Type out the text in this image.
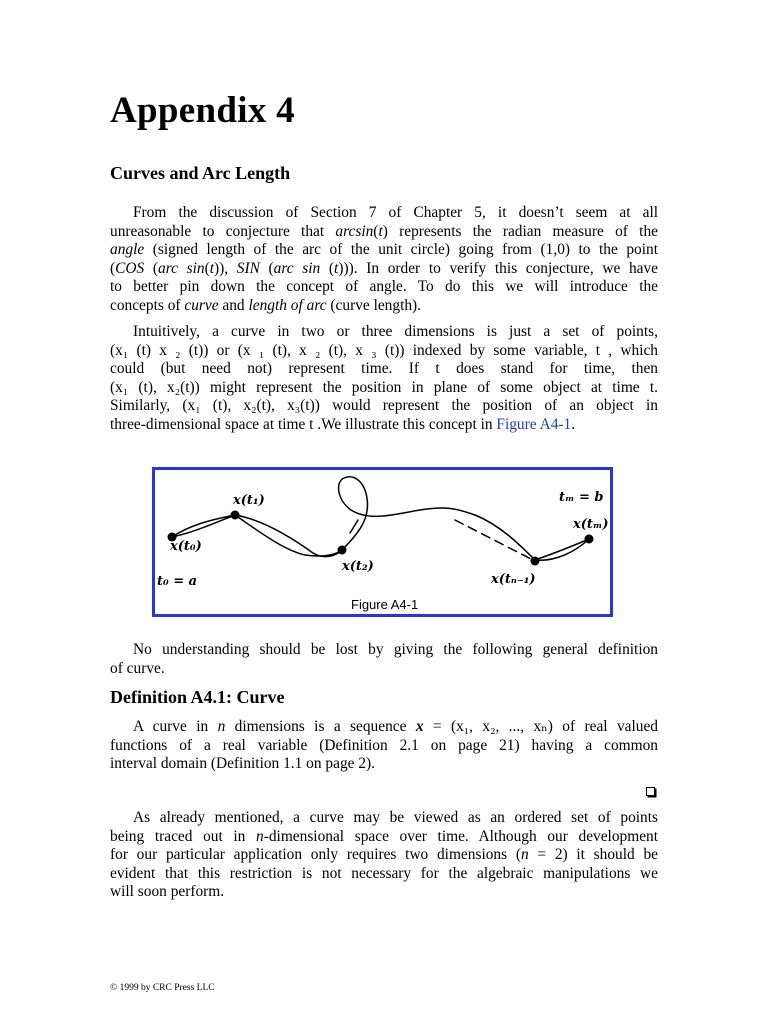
Appendix 4
Curves and Arc Length
From the discussion of Section 7 of Chapter 5, it doesn’t seem at all
unreasonable to conjecture that arcsin(t) represents the radian measure of the
angle (signed length of the arc of the unit circle) going from (1,0) to the point
(COS (arc sin(t)), SIN (arc sin (t))). In order to verify this conjecture, we have
to better pin down the concept of angle. To do this we will introduce the
concepts of curve and length of arc (curve length).
Intuitively, a curve in two or three dimensions is just a set of points,
(x₁ (t) x ₂ (t)) or (x ₁ (t), x ₂ (t), x ₃ (t)) indexed by some variable, t , which
could (but need not) represent time. If t does stand for time, then
(x₁ (t), x₂(t)) might represent the position in plane of some object at time t.
Similarly, (x₁ (t), x₂(t), x₃(t)) would represent the position of an object in
three-dimensional space at time t .We illustrate this concept in Figure A4-1.
x(t₁)
x(t₀)
t₀ = a
x(t₂)
tₘ = b
x(tₘ)
x(tₙ₋₁)
Figure A4-1
No understanding should be lost by giving the following general definition
of curve.
Definition A4.1: Curve
A curve in n dimensions is a sequence x = (x₁, x₂, ..., xₙ) of real valued
functions of a real variable (Definition 2.1 on page 21) having a common
interval domain (Definition 1.1 on page 2).
As already mentioned, a curve may be viewed as an ordered set of points
being traced out in n-dimensional space over time. Although our development
for our particular application only requires two dimensions (n = 2) it should be
evident that this restriction is not necessary for the algebraic manipulations we
will soon perform.

© 1999 by CRC Press LLC
